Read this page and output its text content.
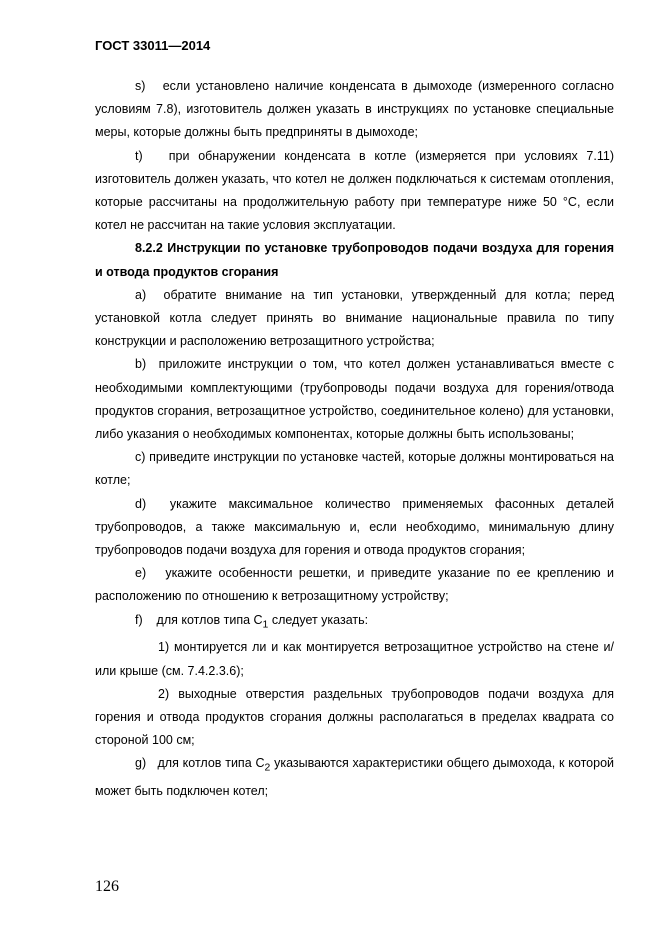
ГОСТ 33011—2014

s) если установлено наличие конденсата в дымоходе (измеренного согласно условиям 7.8), изготовитель должен указать в инструкциях по установке специальные меры, которые должны быть предприняты в дымоходе;

t) при обнаружении конденсата в котле (измеряется при условиях 7.11) изготовитель должен указать, что котел не должен подключаться к системам отопления, которые рассчитаны на продолжительную работу при температуре ниже 50 °С, если котел не рассчитан на такие условия эксплуатации.

8.2.2 Инструкции по установке трубопроводов подачи воздуха для горения и отвода продуктов сгорания

a) обратите внимание на тип установки, утвержденный для котла; перед установкой котла следует принять во внимание национальные правила по типу конструкции и расположению ветрозащитного устройства;

b) приложите инструкции о том, что котел должен устанавливаться вместе с необходимыми комплектующими (трубопроводы подачи воздуха для горения/отвода продуктов сгорания, ветрозащитное устройство, соединительное колено) для установки, либо указания о необходимых компонентах, которые должны быть использованы;

c) приведите инструкции по установке частей, которые должны монтироваться на котле;

d) укажите максимальное количество применяемых фасонных деталей трубопроводов, а также максимальную и, если необходимо, минимальную длину трубопроводов подачи воздуха для горения и отвода продуктов сгорания;

e) укажите особенности решетки, и приведите указание по ее креплению и расположению по отношению к ветрозащитному устройству;

f) для котлов типа $C_1$ следует указать:

1) монтируется ли и как монтируется ветрозащитное устройство на стене и/или крыше (см. 7.4.2.3.6);

2) выходные отверстия раздельных трубопроводов подачи воздуха для горения и отвода продуктов сгорания должны располагаться в пределах квадрата со стороной 100 см;

g) для котлов типа $C_2$ указываются характеристики общего дымохода, к которой может быть подключен котел;

126
